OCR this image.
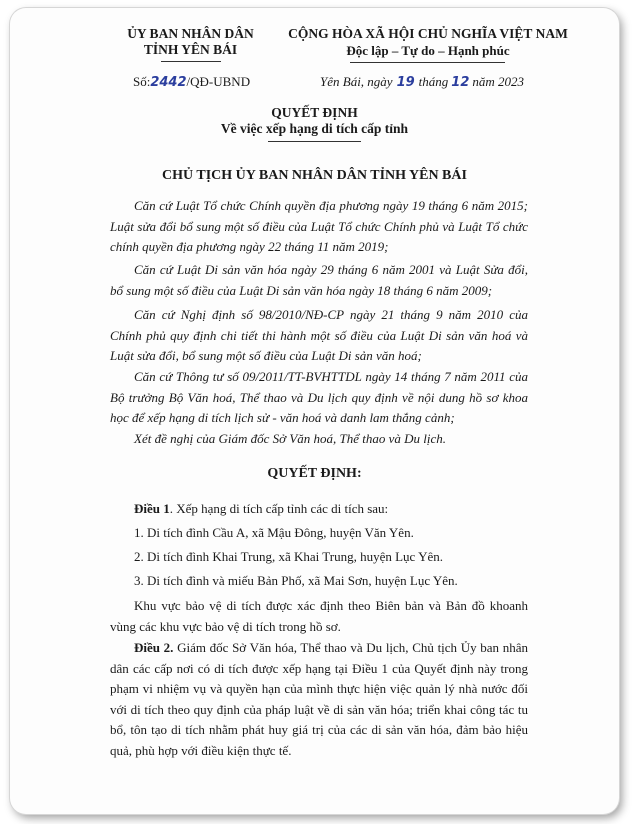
ỦY BAN NHÂN DÂN
TỈNH YÊN BÁI
CỘNG HÒA XÃ HỘI CHỦ NGHĨA VIỆT NAM
Độc lập – Tự do – Hạnh phúc
Số:2442/QĐ-UBND	Yên Bái, ngày 19 tháng 12 năm 2023
QUYẾT ĐỊNH
Về việc xếp hạng di tích cấp tỉnh
CHỦ TỊCH ỦY BAN NHÂN DÂN TỈNH YÊN BÁI
Căn cứ Luật Tổ chức Chính quyền địa phương ngày 19 tháng 6 năm 2015; Luật sửa đổi bổ sung một số điều của Luật Tổ chức Chính phủ và Luật Tổ chức chính quyền địa phương ngày 22 tháng 11 năm 2019;
Căn cứ Luật Di sản văn hóa ngày 29 tháng 6 năm 2001 và Luật Sửa đổi, bổ sung một số điều của Luật Di sản văn hóa ngày 18 tháng 6 năm 2009;
Căn cứ Nghị định số 98/2010/NĐ-CP ngày 21 tháng 9 năm 2010 của Chính phủ quy định chi tiết thi hành một số điều của Luật Di sản văn hoá và Luật sửa đổi, bổ sung một số điều của Luật Di sản văn hoá;
Căn cứ Thông tư số 09/2011/TT-BVHTTDL ngày 14 tháng 7 năm 2011 của Bộ trưởng Bộ Văn hoá, Thể thao và Du lịch quy định về nội dung hồ sơ khoa học để xếp hạng di tích lịch sử - văn hoá và danh lam thắng cảnh;
Xét đề nghị của Giám đốc Sở Văn hoá, Thể thao và Du lịch.
QUYẾT ĐỊNH:
Điều 1. Xếp hạng di tích cấp tỉnh các di tích sau:
1. Di tích đình Cầu A, xã Mậu Đông, huyện Văn Yên.
2. Di tích đình Khai Trung, xã Khai Trung, huyện Lục Yên.
3. Di tích đình và miếu Bản Phố, xã Mai Sơn, huyện Lục Yên.
Khu vực bảo vệ di tích được xác định theo Biên bản và Bản đồ khoanh vùng các khu vực bảo vệ di tích trong hồ sơ.
Điều 2. Giám đốc Sở Văn hóa, Thể thao và Du lịch, Chủ tịch Ủy ban nhân dân các cấp nơi có di tích được xếp hạng tại Điều 1 của Quyết định này trong phạm vi nhiệm vụ và quyền hạn của mình thực hiện việc quản lý nhà nước đối với di tích theo quy định của pháp luật về di sản văn hóa; triển khai công tác tu bổ, tôn tạo di tích nhằm phát huy giá trị của các di sản văn hóa, đảm bảo hiệu quả, phù hợp với điều kiện thực tế.
